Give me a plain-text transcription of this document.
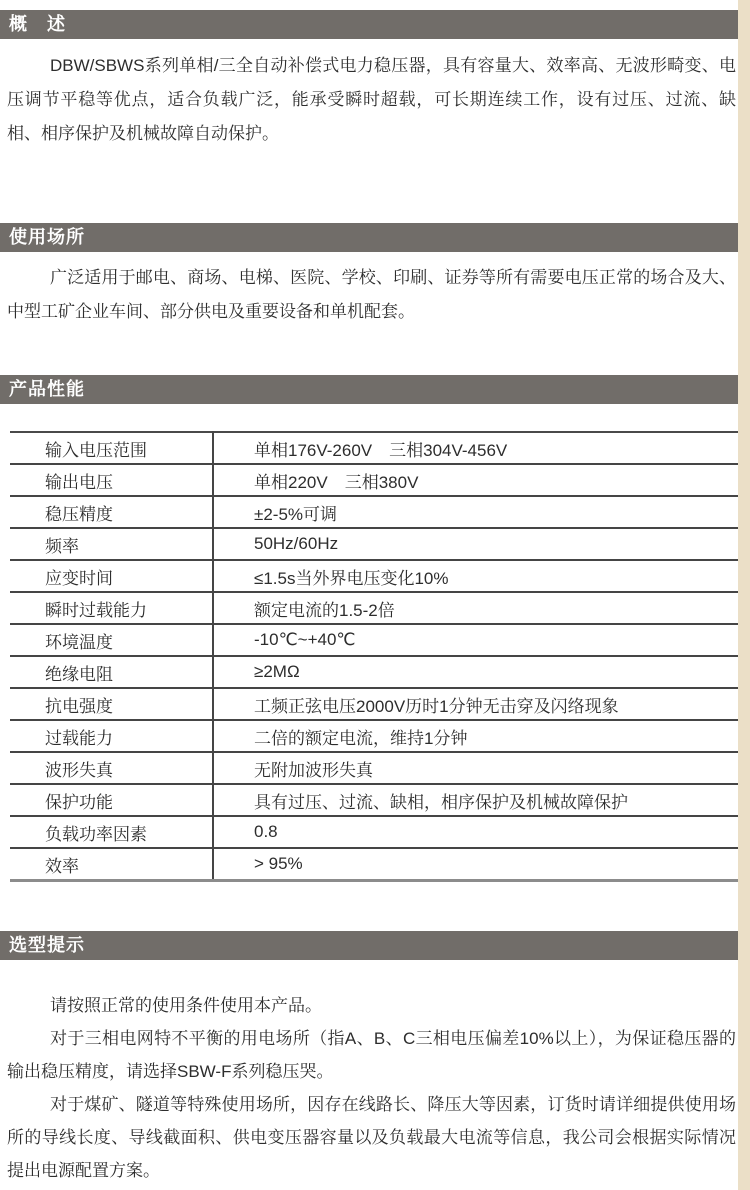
概　述

DBW/SBWS系列单相/三全自动补偿式电力稳压器，具有容量大、效率高、无波形畸变、电压调节平稳等优点，适合负载广泛，能承受瞬时超载，可长期连续工作，设有过压、过流、缺相、相序保护及机械故障自动保护。

使用场所

广泛适用于邮电、商场、电梯、医院、学校、印刷、证券等所有需要电压正常的场合及大、中型工矿企业车间、部分供电及重要设备和单机配套。

产品性能
输入电压范围	单相176V-260V　三相304V-456V
输出电压	单相220V　三相380V
稳压精度	±2-5%可调
频率	50Hz/60Hz
应变时间	≤1.5s当外界电压变化10%
瞬时过载能力	额定电流的1.5-2倍
环境温度	-10℃~+40℃
绝缘电阻	≥2MΩ
抗电强度	工频正弦电压2000V历时1分钟无击穿及闪络现象
过载能力	二倍的额定电流，维持1分钟
波形失真	无附加波形失真
保护功能	具有过压、过流、缺相，相序保护及机械故障保护
负载功率因素	0.8
效率	> 95%
选型提示

请按照正常的使用条件使用本产品。

对于三相电网特不平衡的用电场所（指A、B、C三相电压偏差10%以上），为保证稳压器的输出稳压精度，请选择SBW-F系列稳压哭。

对于煤矿、隧道等特殊使用场所，因存在线路长、降压大等因素，订货时请详细提供使用场所的导线长度、导线截面积、供电变压器容量以及负载最大电流等信息，我公司会根据实际情况提出电源配置方案。
